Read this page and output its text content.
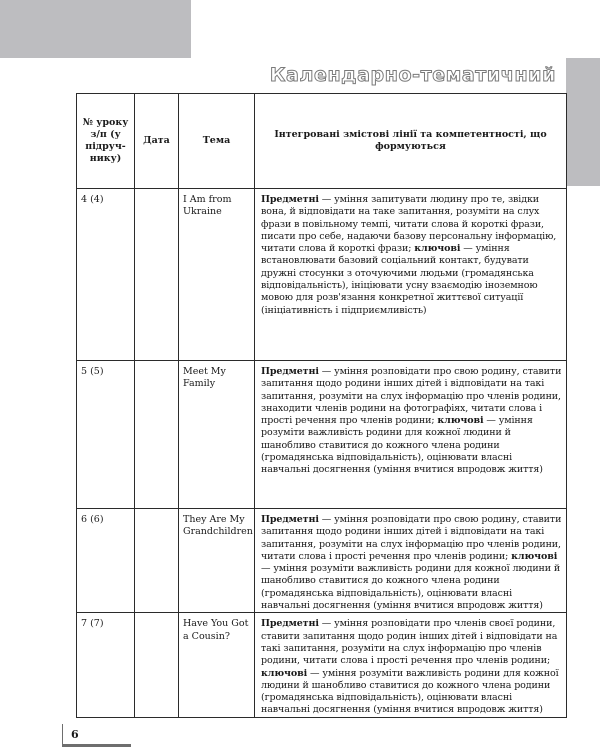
Календарно-тематичний
№ уроку з/п (у підруч- нику)	Дата	Тема	Інтегровані змістові лінії та компетентності, що формуються
4 (4)		I Am from Ukraine	Предметні — уміння запитувати людину про те, звідки вона, й відповідати на таке запитання, розуміти на слух фрази в повільному темпі, читати слова й короткі фрази, писати про себе, надаючи базову персональну інформацію, читати слова й короткі фрази; ключові — уміння встановлювати базовий соціальний контакт, будувати дружні стосунки з оточуючими людьми (громадянська відповідальність), ініціювати усну взаємодію іноземною мовою для розв'язання конкретної життєвої ситуації (ініціативність і підприємливість)
5 (5)		Meet My Family	Предметні — уміння розповідати про свою родину, ставити запитання щодо родини інших дітей і відповідати на такі запитання, розуміти на слух інформацію про членів родини, знаходити членів родини на фотографіях, читати слова і прості речення про членів родини; ключові — уміння розуміти важливість родини для кожної людини й шанобливо ставитися до кожного члена родини (громадянська відповідальність), оцінювати власні навчальні досягнення (уміння вчитися впродовж життя)
6 (6)		They Are My Grandchildren	Предметні — уміння розповідати про свою родину, ставити запитання щодо родини інших дітей і відповідати на такі запитання, розуміти на слух інформацію про членів родини, читати слова і прості речення про членів родини; ключові — уміння розуміти важливість родини для кожної людини й шанобливо ставитися до кожного члена родини (громадянська відповідальність), оцінювати власні навчальні досягнення (уміння вчитися впродовж життя)
7 (7)		Have You Got a Cousin?	Предметні — уміння розповідати про членів своєї родини, ставити запитання щодо родин інших дітей і відповідати на такі запитання, розуміти на слух інформацію про членів родини, читати слова і прості речення про членів родини; ключові — уміння розуміти важливість родини для кожної людини й шанобливо ставитися до кожного члена родини (громадянська відповідальність), оцінювати власні навчальні досягнення (уміння вчитися впродовж життя)
6
